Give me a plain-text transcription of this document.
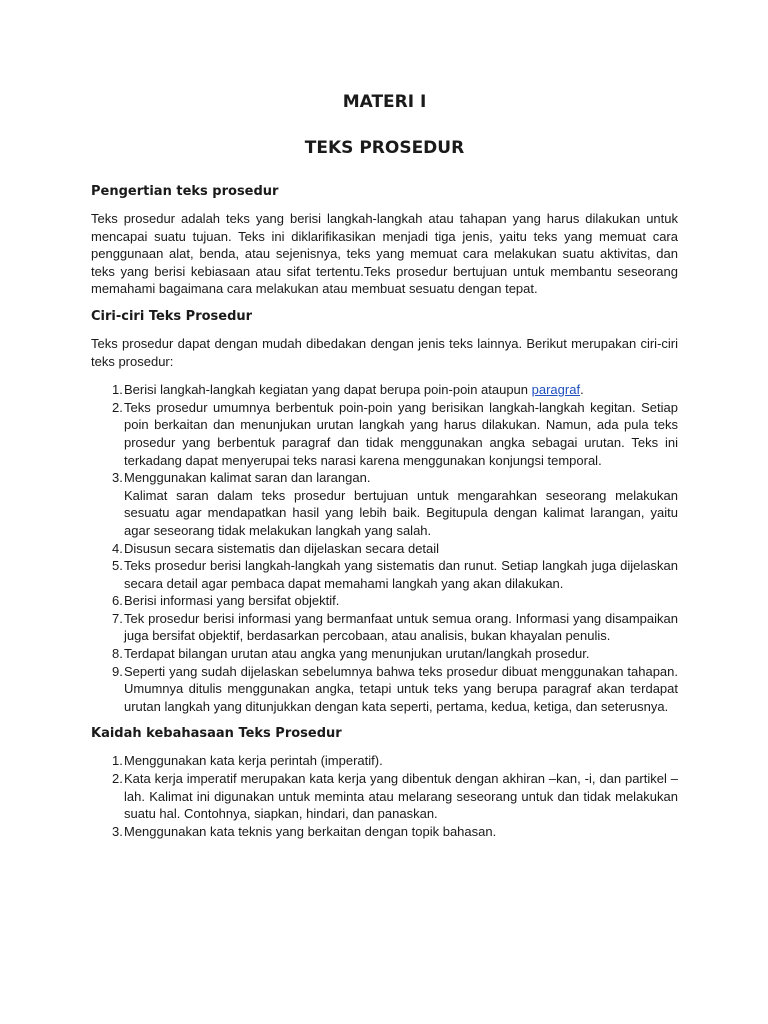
MATERI I
TEKS PROSEDUR
Pengertian teks prosedur

Teks prosedur adalah teks yang berisi langkah-langkah atau tahapan yang harus dilakukan untuk mencapai suatu tujuan. Teks ini diklarifikasikan menjadi tiga jenis, yaitu teks yang memuat cara penggunaan alat, benda, atau sejenisnya, teks yang memuat cara melakukan suatu aktivitas, dan teks yang berisi kebiasaan atau sifat tertentu.Teks prosedur bertujuan untuk membantu seseorang memahami bagaimana cara melakukan atau membuat sesuatu dengan tepat.

Ciri-ciri Teks Prosedur

Teks prosedur dapat dengan mudah dibedakan dengan jenis teks lainnya. Berikut merupakan ciri-ciri teks prosedur:

1. Berisi langkah-langkah kegiatan yang dapat berupa poin-poin ataupun paragraf.
2. Teks prosedur umumnya berbentuk poin-poin yang berisikan langkah-langkah kegitan. Setiap poin berkaitan dan menunjukan urutan langkah yang harus dilakukan. Namun, ada pula teks prosedur yang berbentuk paragraf dan tidak menggunakan angka sebagai urutan. Teks ini terkadang dapat menyerupai teks narasi karena menggunakan konjungsi temporal.
3. Menggunakan kalimat saran dan larangan.
Kalimat saran dalam teks prosedur bertujuan untuk mengarahkan seseorang melakukan sesuatu agar mendapatkan hasil yang lebih baik. Begitupula dengan kalimat larangan, yaitu agar seseorang tidak melakukan langkah yang salah.
4. Disusun secara sistematis dan dijelaskan secara detail
5. Teks prosedur berisi langkah-langkah yang sistematis dan runut. Setiap langkah juga dijelaskan secara detail agar pembaca dapat memahami langkah yang akan dilakukan.
6. Berisi informasi yang bersifat objektif.
7. Tek prosedur berisi informasi yang bermanfaat untuk semua orang. Informasi yang disampaikan juga bersifat objektif, berdasarkan percobaan, atau analisis, bukan khayalan penulis.
8. Terdapat bilangan urutan atau angka yang menunjukan urutan/langkah prosedur.
9. Seperti yang sudah dijelaskan sebelumnya bahwa teks prosedur dibuat menggunakan tahapan. Umumnya ditulis menggunakan angka, tetapi untuk teks yang berupa paragraf akan terdapat urutan langkah yang ditunjukkan dengan kata seperti, pertama, kedua, ketiga, dan seterusnya.
Kaidah kebahasaan Teks Prosedur
1. Menggunakan kata kerja perintah (imperatif).
2. Kata kerja imperatif merupakan kata kerja yang dibentuk dengan akhiran –kan, -i, dan partikel –lah. Kalimat ini digunakan untuk meminta atau melarang seseorang untuk dan tidak melakukan suatu hal. Contohnya, siapkan, hindari, dan panaskan.
3. Menggunakan kata teknis yang berkaitan dengan topik bahasan.
